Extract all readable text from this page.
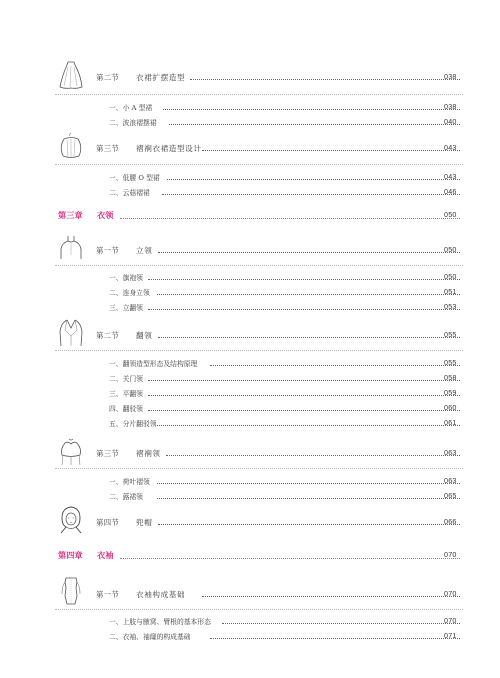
第二节 衣裙扩摆造型	038
一、小 A 型裙	038
二、波浪褶摆裙	040
第三节 褶裥衣裙造型设计	043
一、低腰 O 型裙	043
二、云菇褶裙	046
第三章 衣领	050
第一节 立领	050
一、旗袍领	050
二、连身立领	051
三、立翻领	053
第二节 翻领	055
一、翻领造型形态及结构原理	055
二、关门领	058
三、平翻领	059
四、翻驳领	060
五、分片翻驳领	061
第三节 褶裥领	063
一、荷叶褶领	063
二、蕗裙领	065
第四节 兜帽	066
第四章 衣袖	070
第一节 衣袖构成基础	070
一、上肢与腋窝、臂根的基本形态	070
二、衣袖、袖窿的构成基础	071
